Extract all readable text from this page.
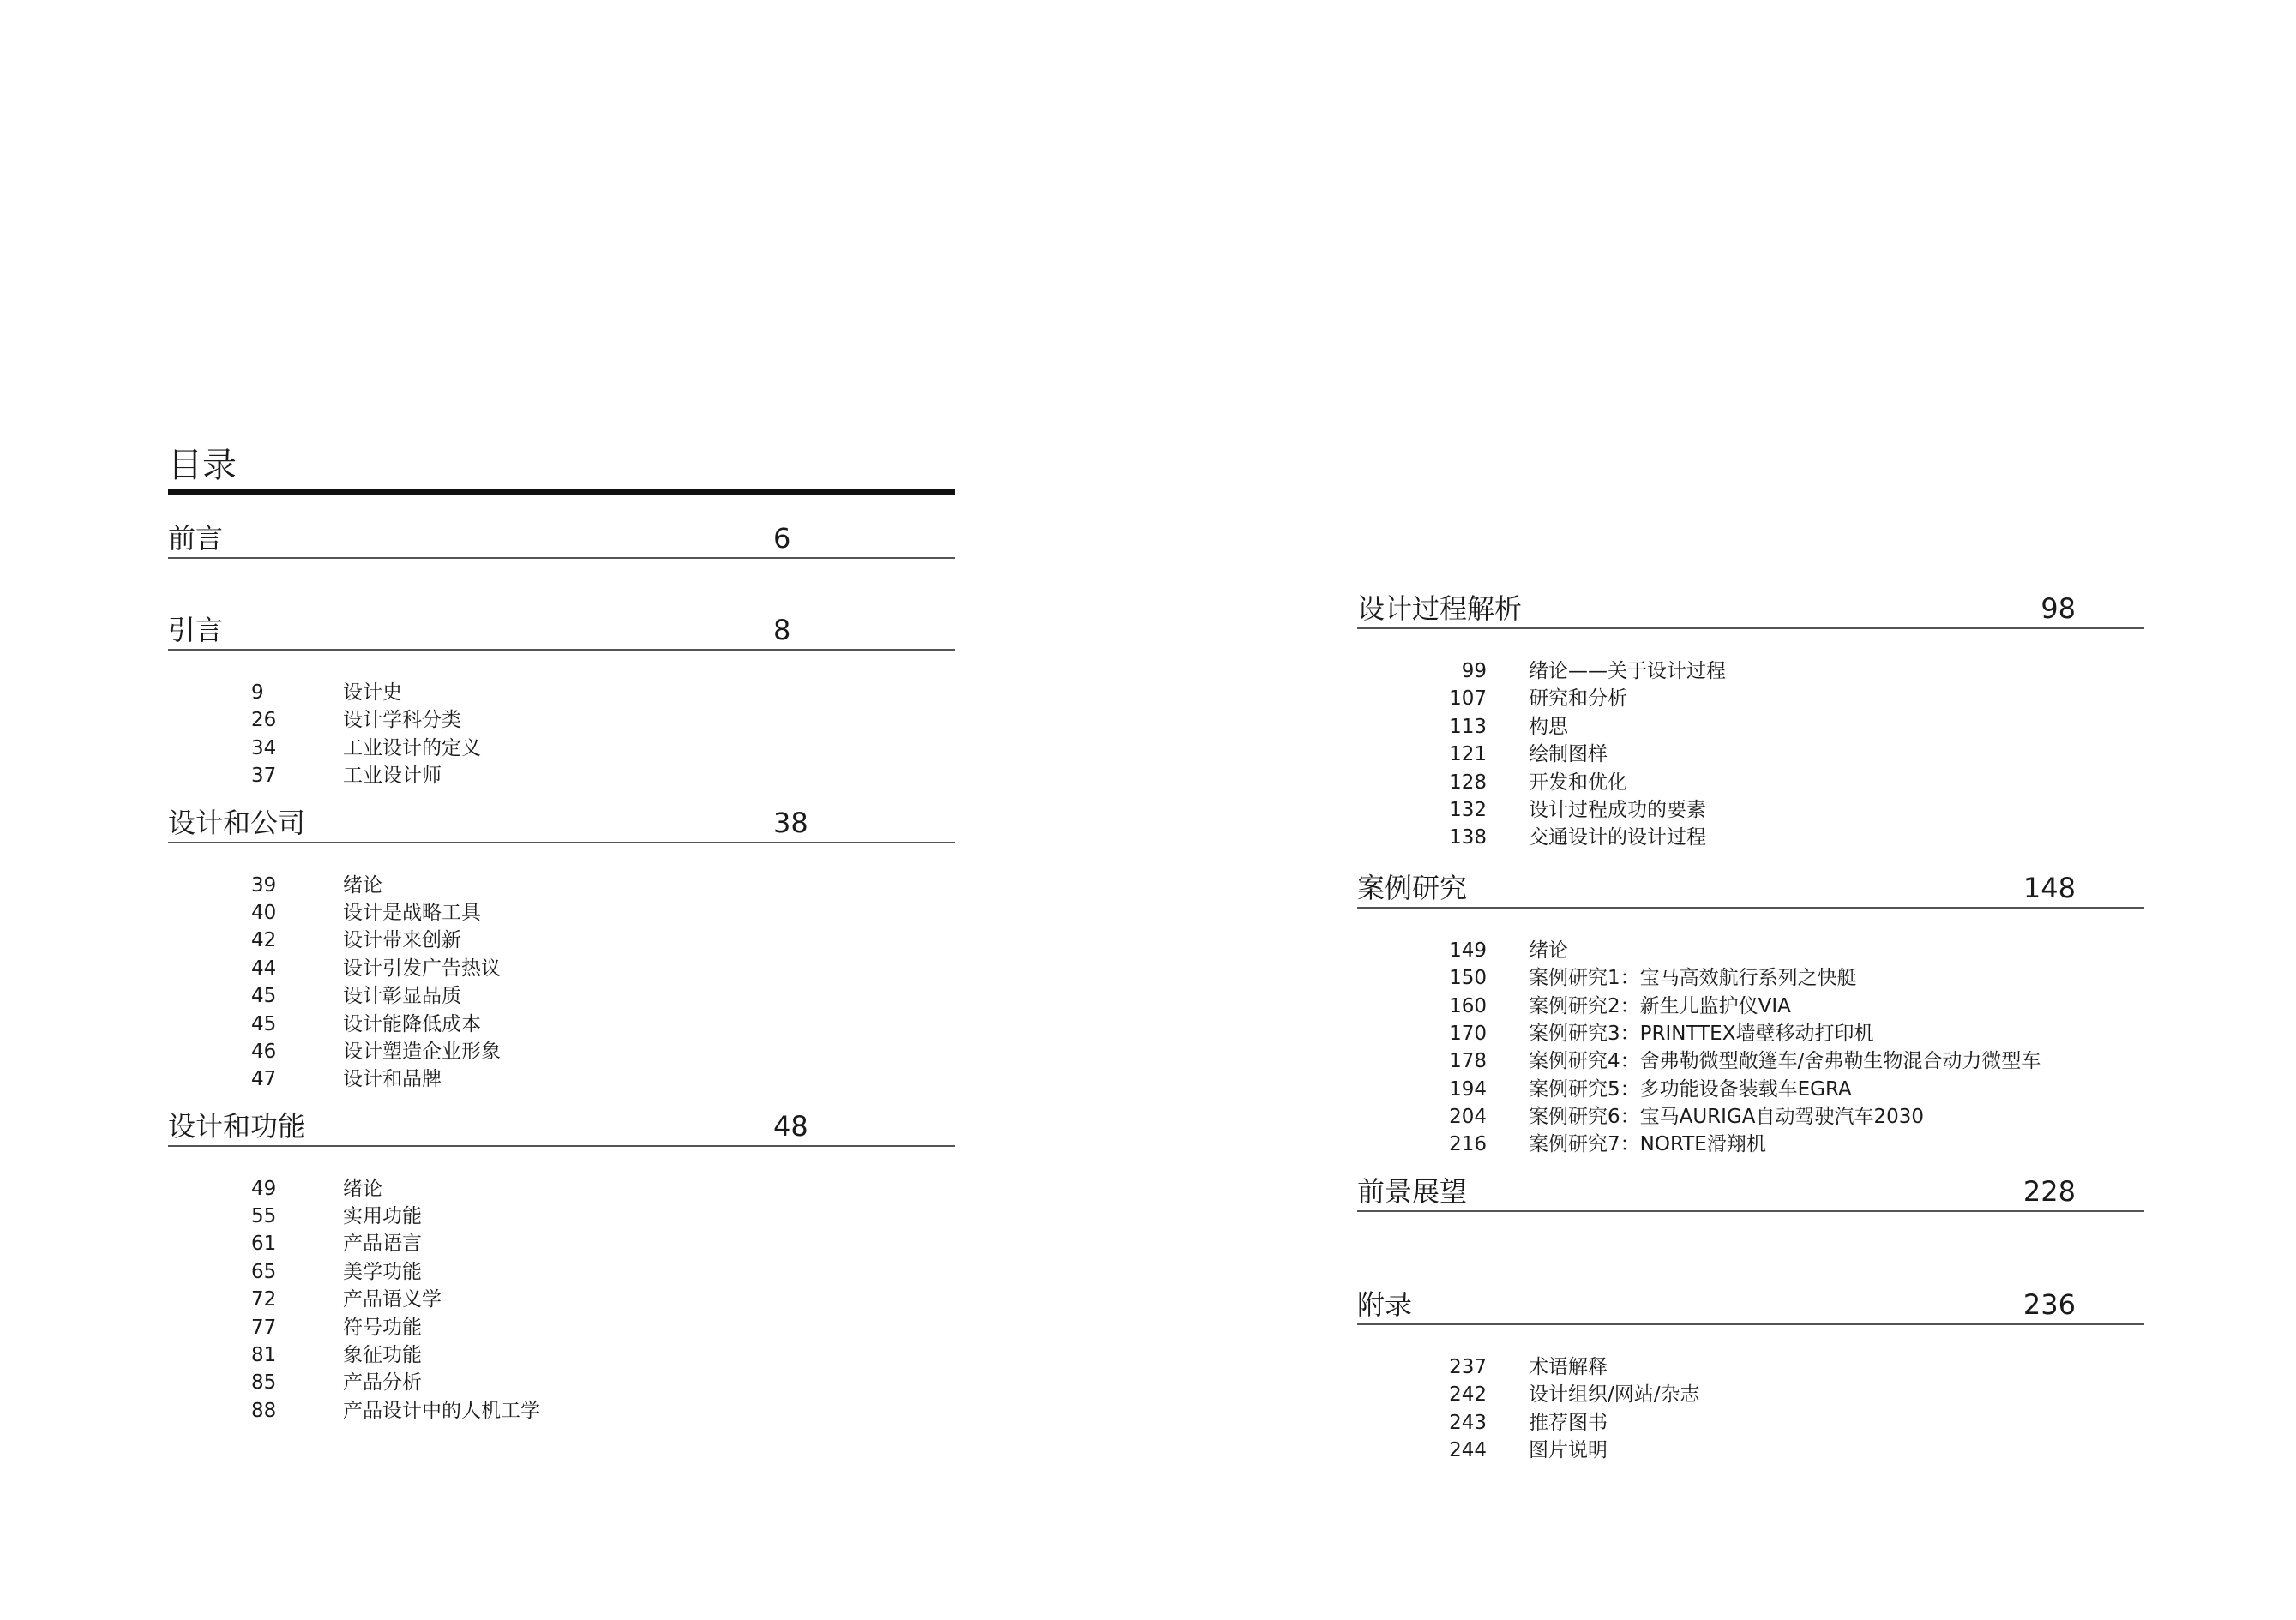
目录
前言	6
引言	8
9	设计史
26	设计学科分类
34	工业设计的定义
37	工业设计师
设计和公司	38
39	绪论
40	设计是战略工具
42	设计带来创新
44	设计引发广告热议
45	设计彰显品质
45	设计能降低成本
46	设计塑造企业形象
47	设计和品牌
设计和功能	48
49	绪论
55	实用功能
61	产品语言
65	美学功能
72	产品语义学
77	符号功能
81	象征功能
85	产品分析
88	产品设计中的人机工学
设计过程解析	98
99 绪论——关于设计过程
107 研究和分析
113 构思
121 绘制图样
128 开发和优化
132 设计过程成功的要素
138 交通设计的设计过程
案例研究	148
149 绪论
150 案例研究1：宝马高效航行系列之快艇
160 案例研究2：新生儿监护仪VIA
170 案例研究3：PRINTTEX墙壁移动打印机
178 案例研究4：舍弗勒微型敞篷车/舍弗勒生物混合动力微型车
194 案例研究5：多功能设备装载车EGRA
204 案例研究6：宝马AURIGA自动驾驶汽车2030
216 案例研究7：NORTE滑翔机
前景展望	228
附录	236
237 术语解释
242 设计组织/网站/杂志
243 推荐图书
244 图片说明
